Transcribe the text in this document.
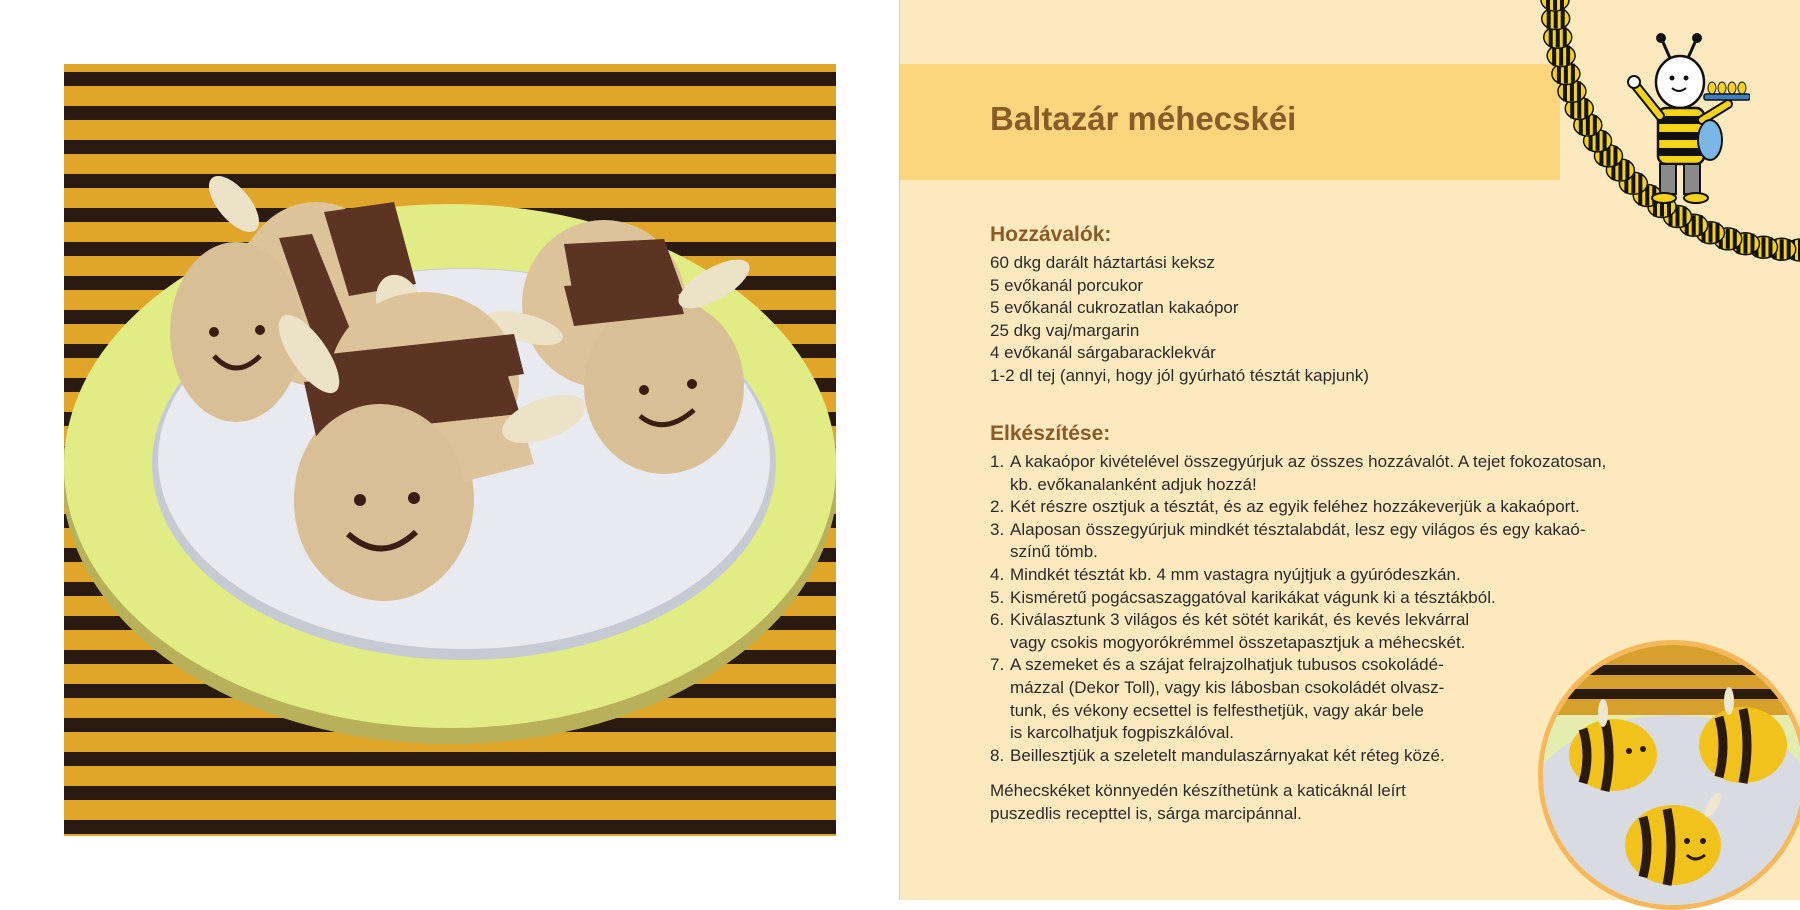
Baltazár méhecskéi
Hozzávalók:
60 dkg darált háztartási keksz
5 evőkanál porcukor
5 evőkanál cukrozatlan kakaópor
25 dkg vaj/margarin
4 evőkanál sárgabaracklekvár
1-2 dl tej (annyi, hogy jól gyúrható tésztát kapjunk)
Elkészítése:
1. A kakaópor kivételével összegyúrjuk az összes hozzávalót. A tejet fokozatosan,
kb. evőkanalanként adjuk hozzá!
2. Két részre osztjuk a tésztát, és az egyik feléhez hozzákeverjük a kakaóport.
3. Alaposan összegyúrjuk mindkét tésztalabdát, lesz egy világos és egy kakaó-
színű tömb.
4. Mindkét tésztát kb. 4 mm vastagra nyújtjuk a gyúródeszkán.
5. Kisméretű pogácsaszaggatóval karikákat vágunk ki a tésztákból.
6. Kiválasztunk 3 világos és két sötét karikát, és kevés lekvárral
vagy csokis mogyorókrémmel összetapasztjuk a méhecskét.
7. A szemeket és a szájat felrajzolhatjuk tubusos csokoládé-
mázzal (Dekor Toll), vagy kis lábosban csokoládét olvasz-
tunk, és vékony ecsettel is felfesthetjük, vagy akár bele
is karcolhatjuk fogpiszkálóval.
8. Beillesztjük a szeletelt mandulaszárnyakat két réteg közé.

Méhecskéket könnyedén készíthetünk a katicáknál leírt
puszedlis recepttel is, sárga marcipánnal.
